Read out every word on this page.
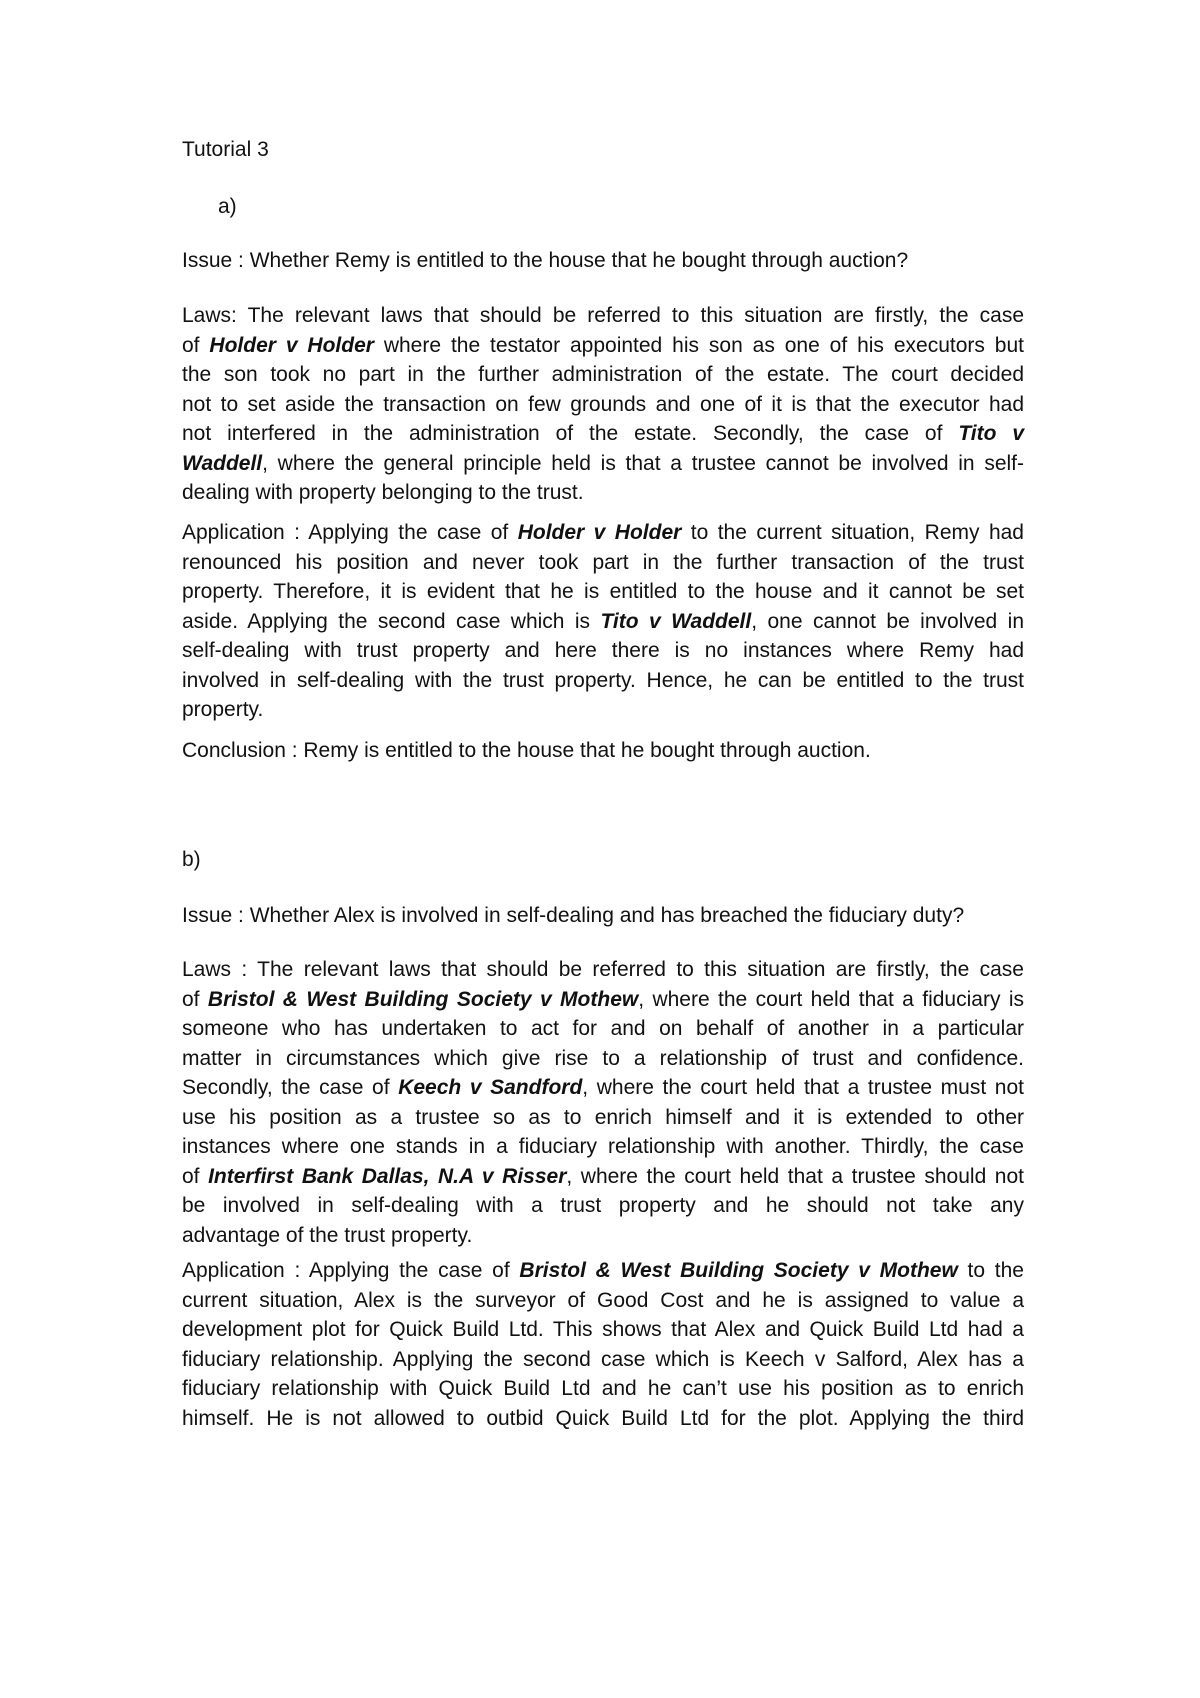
Tutorial 3
a)
Issue : Whether Remy is entitled to the house that he bought through auction?
Laws: The relevant laws that should be referred to this situation are firstly, the case
of Holder v Holder where the testator appointed his son as one of his executors but
the son took no part in the further administration of the estate. The court decided
not to set aside the transaction on few grounds and one of it is that the executor had
not interfered in the administration of the estate. Secondly, the case of Tito v
Waddell, where the general principle held is that a trustee cannot be involved in self-
dealing with property belonging to the trust.
Application : Applying the case of Holder v Holder to the current situation, Remy had
renounced his position and never took part in the further transaction of the trust
property. Therefore, it is evident that he is entitled to the house and it cannot be set
aside. Applying the second case which is Tito v Waddell, one cannot be involved in
self-dealing with trust property and here there is no instances where Remy had
involved in self-dealing with the trust property. Hence, he can be entitled to the trust
property.
Conclusion : Remy is entitled to the house that he bought through auction.
b)
Issue : Whether Alex is involved in self-dealing and has breached the fiduciary duty?
Laws : The relevant laws that should be referred to this situation are firstly, the case
of Bristol & West Building Society v Mothew, where the court held that a fiduciary is
someone who has undertaken to act for and on behalf of another in a particular
matter in circumstances which give rise to a relationship of trust and confidence.
Secondly, the case of Keech v Sandford, where the court held that a trustee must not
use his position as a trustee so as to enrich himself and it is extended to other
instances where one stands in a fiduciary relationship with another. Thirdly, the case
of Interfirst Bank Dallas, N.A v Risser, where the court held that a trustee should not
be involved in self-dealing with a trust property and he should not take any
advantage of the trust property.
Application : Applying the case of Bristol & West Building Society v Mothew to the
current situation, Alex is the surveyor of Good Cost and he is assigned to value a
development plot for Quick Build Ltd. This shows that Alex and Quick Build Ltd had a
fiduciary relationship. Applying the second case which is Keech v Salford, Alex has a
fiduciary relationship with Quick Build Ltd and he can’t use his position as to enrich
himself. He is not allowed to outbid Quick Build Ltd for the plot. Applying the third
